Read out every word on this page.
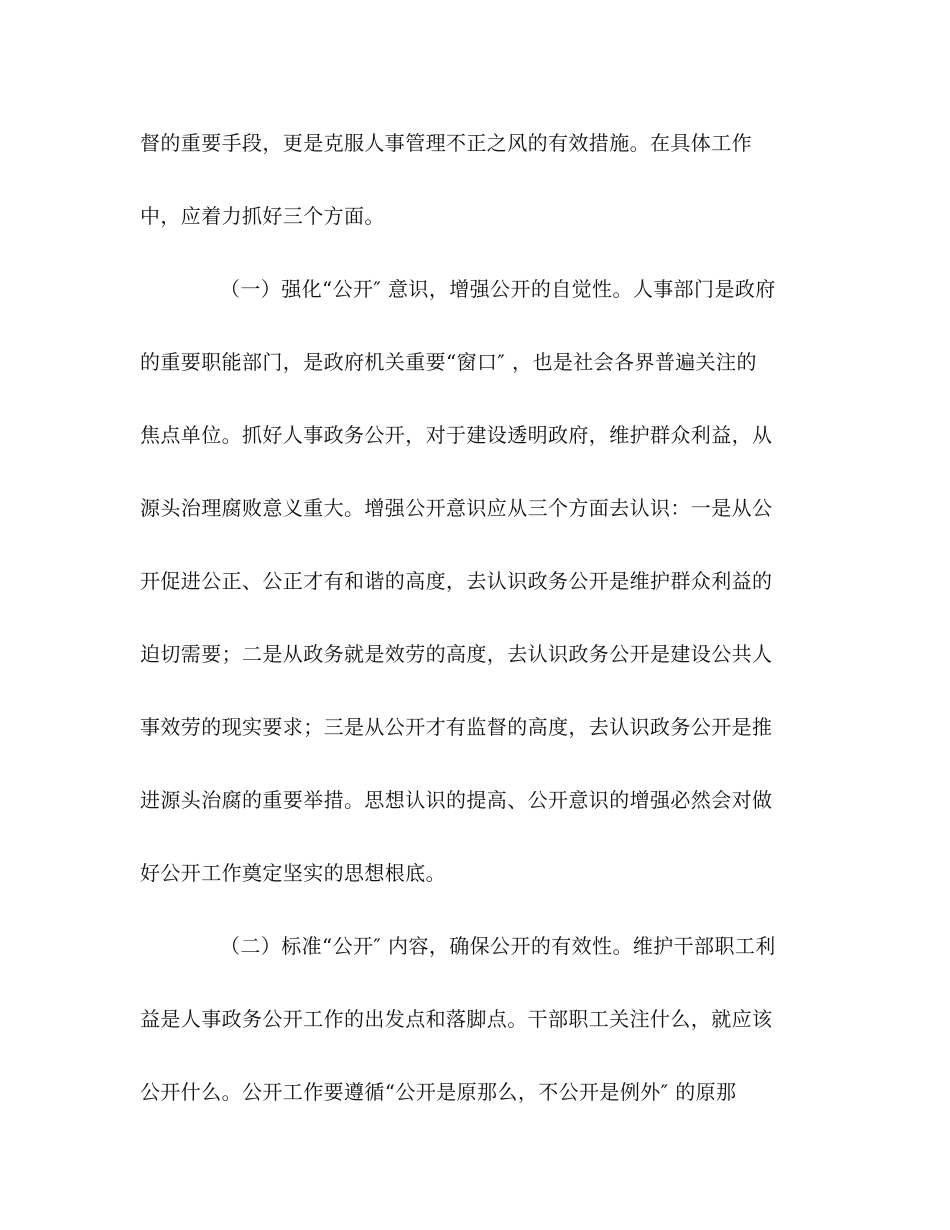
督的重要手段，更是克服人事管理不正之风的有效措施。在具体工作
中，应着力抓好三个方面。
（一）强化“公开″ 意识，增强公开的自觉性。人事部门是政府
的重要职能部门，是政府机关重要“窗口″ ，也是社会各界普遍关注的
焦点单位。抓好人事政务公开，对于建设透明政府，维护群众利益，从
源头治理腐败意义重大。增强公开意识应从三个方面去认识：一是从公
开促进公正、公正才有和谐的高度，去认识政务公开是维护群众利益的
迫切需要；二是从政务就是效劳的高度，去认识政务公开是建设公共人
事效劳的现实要求；三是从公开才有监督的高度，去认识政务公开是推
进源头治腐的重要举措。思想认识的提高、公开意识的增强必然会对做
好公开工作奠定坚实的思想根底。
（二）标准“公开″ 内容，确保公开的有效性。维护干部职工利
益是人事政务公开工作的出发点和落脚点。干部职工关注什么，就应该
公开什么。公开工作要遵循“公开是原那么，不公开是例外″ 的原那
